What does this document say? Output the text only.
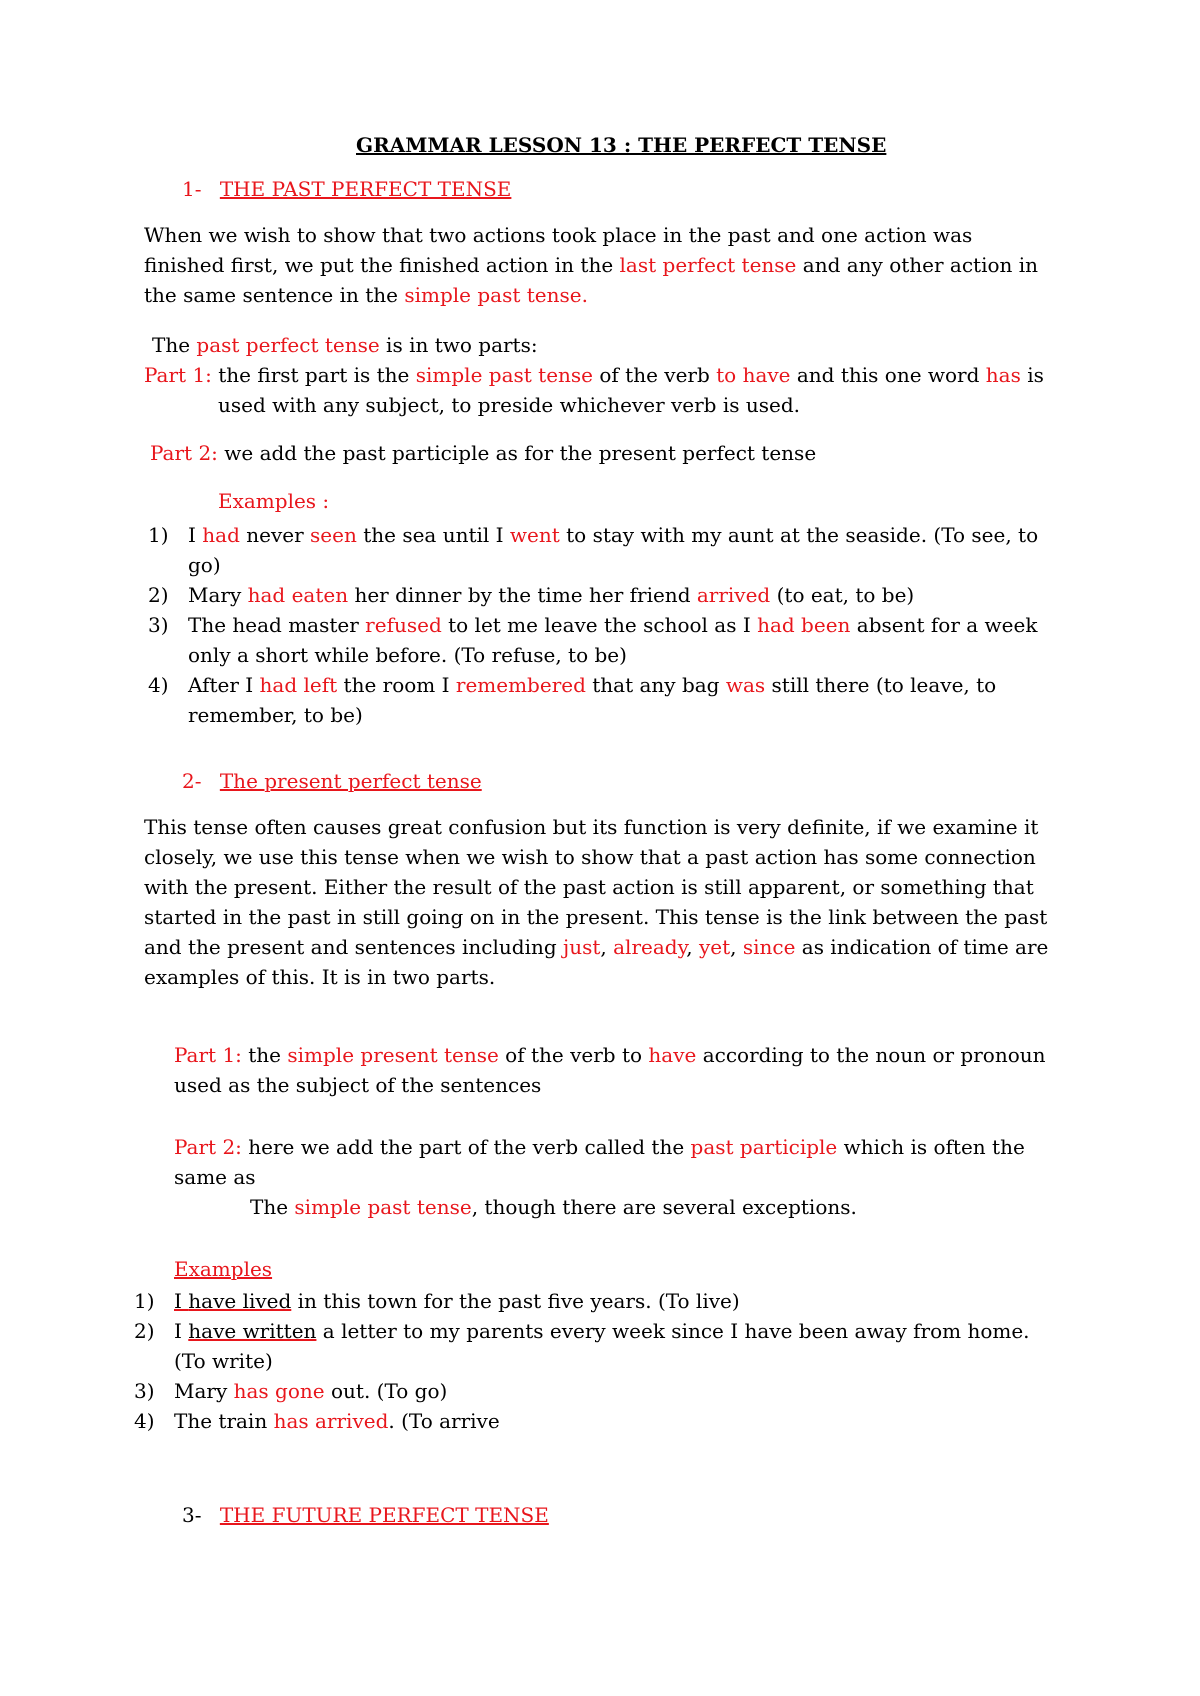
GRAMMAR LESSON 13 : THE PERFECT TENSE
1- THE PAST PERFECT TENSE
When we wish to show that two actions took place in the past and one action was
finished first, we put the finished action in the last perfect tense and any other action in
the same sentence in the simple past tense.
The past perfect tense is in two parts:
Part 1: the first part is the simple past tense of the verb to have and this one word has is
used with any subject, to preside whichever verb is used.
Part 2: we add the past participle as for the present perfect tense
Examples :
1) I had never seen the sea until I went to stay with my aunt at the seaside. (To see, to
go)
2) Mary had eaten her dinner by the time her friend arrived (to eat, to be)
3) The head master refused to let me leave the school as I had been absent for a week
only a short while before. (To refuse, to be)
4) After I had left the room I remembered that any bag was still there (to leave, to
remember, to be)
2- The present perfect tense
This tense often causes great confusion but its function is very definite, if we examine it
closely, we use this tense when we wish to show that a past action has some connection
with the present. Either the result of the past action is still apparent, or something that
started in the past in still going on in the present. This tense is the link between the past
and the present and sentences including just, already, yet, since as indication of time are
examples of this. It is in two parts.
Part 1: the simple present tense of the verb to have according to the noun or pronoun
used as the subject of the sentences
Part 2: here we add the part of the verb called the past participle which is often the
same as
The simple past tense, though there are several exceptions.
Examples
1) I have lived in this town for the past five years. (To live)
2) I have written a letter to my parents every week since I have been away from home.
(To write)
3) Mary has gone out. (To go)
4) The train has arrived. (To arrive
3- THE FUTURE PERFECT TENSE
